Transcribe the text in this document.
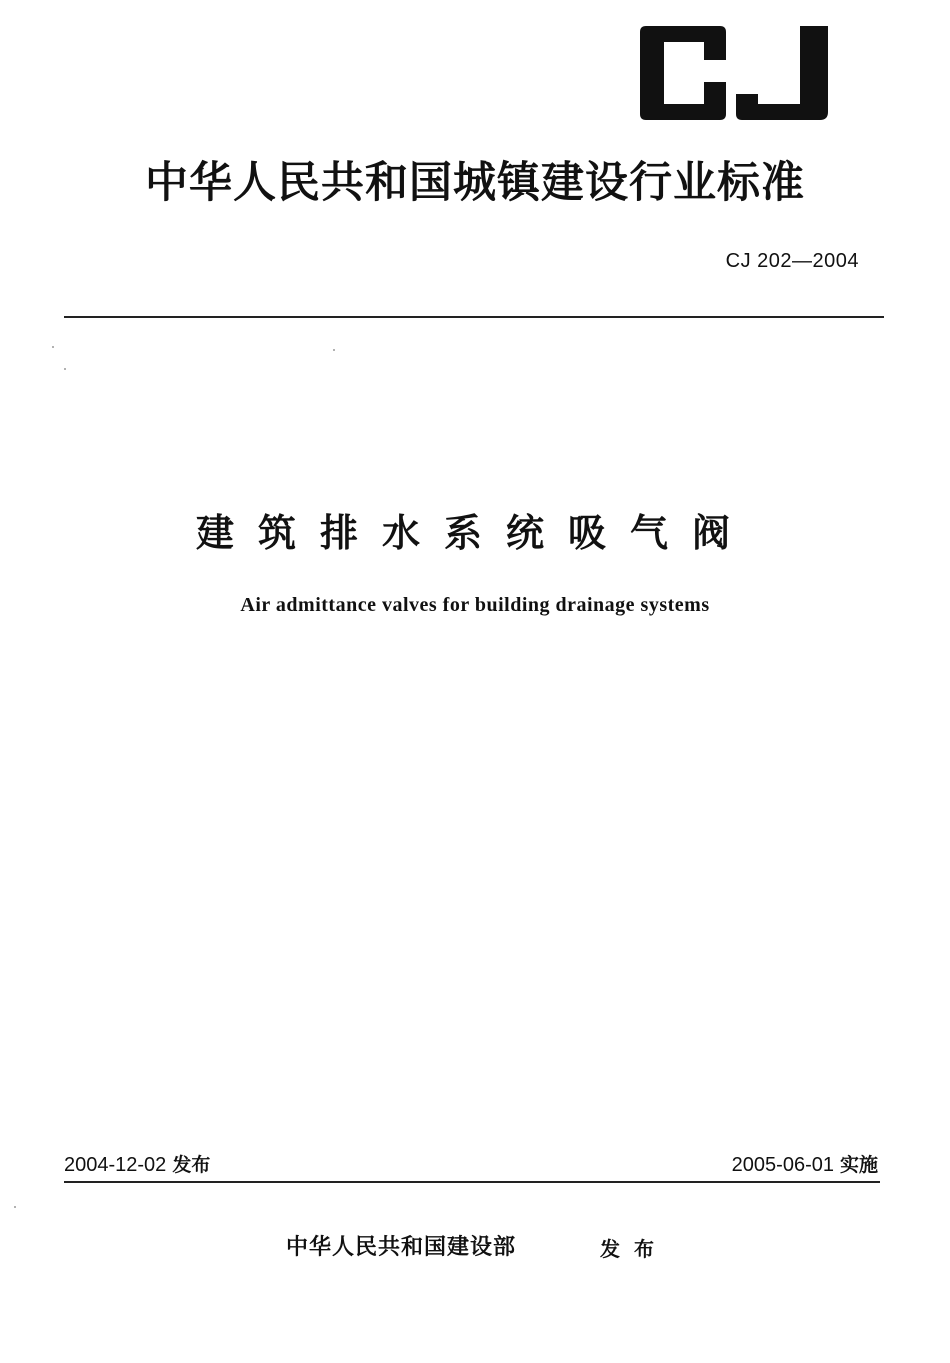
中华人民共和国城镇建设行业标准
CJ 202—2004
建筑排水系统吸气阀
Air admittance valves for building drainage systems
2004-12-02 发布	2005-06-01 实施
中华人民共和国建设部	发布
